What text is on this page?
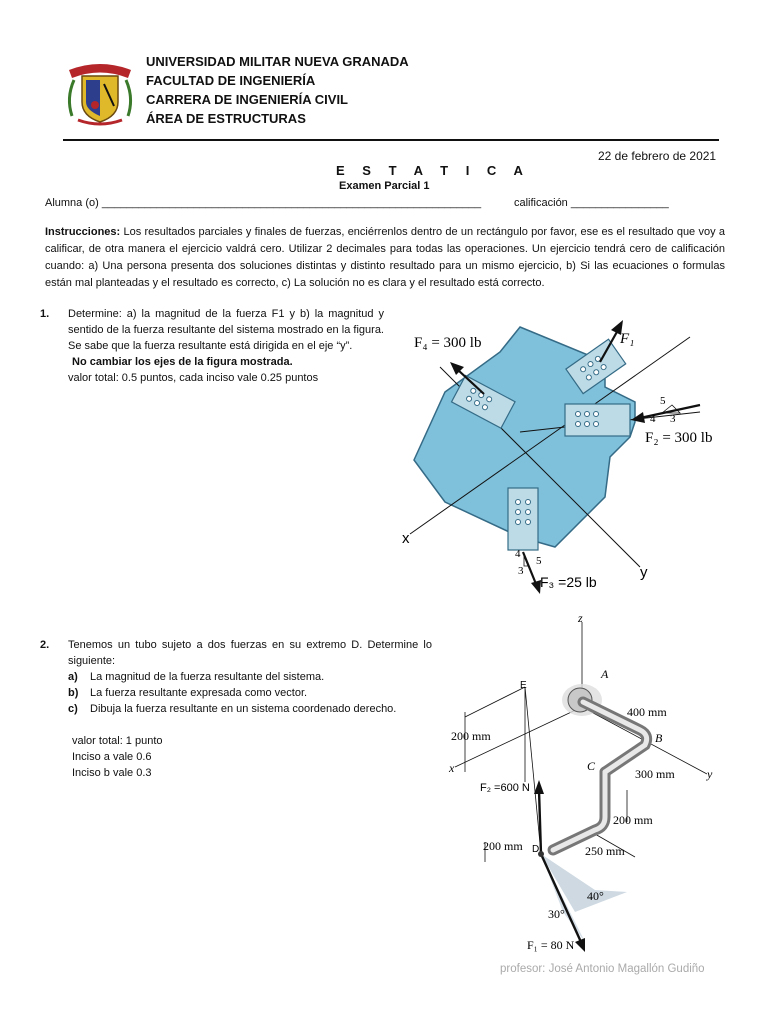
UNIVERSIDAD MILITAR NUEVA GRANADA
FACULTAD DE INGENIERÍA
CARRERA DE INGENIERÍA CIVIL
ÁREA DE ESTRUCTURAS
22 de febrero de 2021
E S T A T I C A
Examen Parcial 1
Alumna (o) ______________________________________________________________	calificación ________________
Instrucciones: Los resultados parciales y finales de fuerzas, enciérrenlos dentro de un rectángulo por favor, ese es el resultado que voy a calificar, de otra manera el ejercicio valdrá cero. Utilizar 2 decimales para todas las operaciones. Un ejercicio tendrá cero de calificación cuando: a) Una persona presenta dos soluciones distintas y distinto resultado para un mismo ejercicio, b) Si las ecuaciones o formulas están mal planteadas y el resultado es correcto, c) La solución no es clara y el resultado está correcto.
1. Determine: a) la magnitud de la fuerza F1 y b) la magnitud y sentido de la fuerza resultante del sistema mostrado en la figura. Se sabe que la fuerza resultante está dirigida en el eje “y”.
No cambiar los ejes de la figura mostrada.
valor total: 0.5 puntos, cada inciso vale 0.25 puntos
F₄ = 300 lb	F₁
F₂ = 300 lb
F₃ =25 lb
5
4 3
4
5
3
x
y
2. Tenemos un tubo sujeto a dos fuerzas en su extremo D. Determine lo siguiente:
a) La magnitud de la fuerza resultante del sistema.
b) La fuerza resultante expresada como vector.
c) Dibuja la fuerza resultante en un sistema coordenado derecho.
valor total: 1 punto
Inciso a vale 0.6
Inciso b vale 0.3
z
A
E
B
C
D
x	y
400 mm
200 mm
300 mm
200 mm
200 mm	250 mm
F₂ =600 N
F₁ = 80 N
40°
30°
profesor: José Antonio Magallón Gudiño
